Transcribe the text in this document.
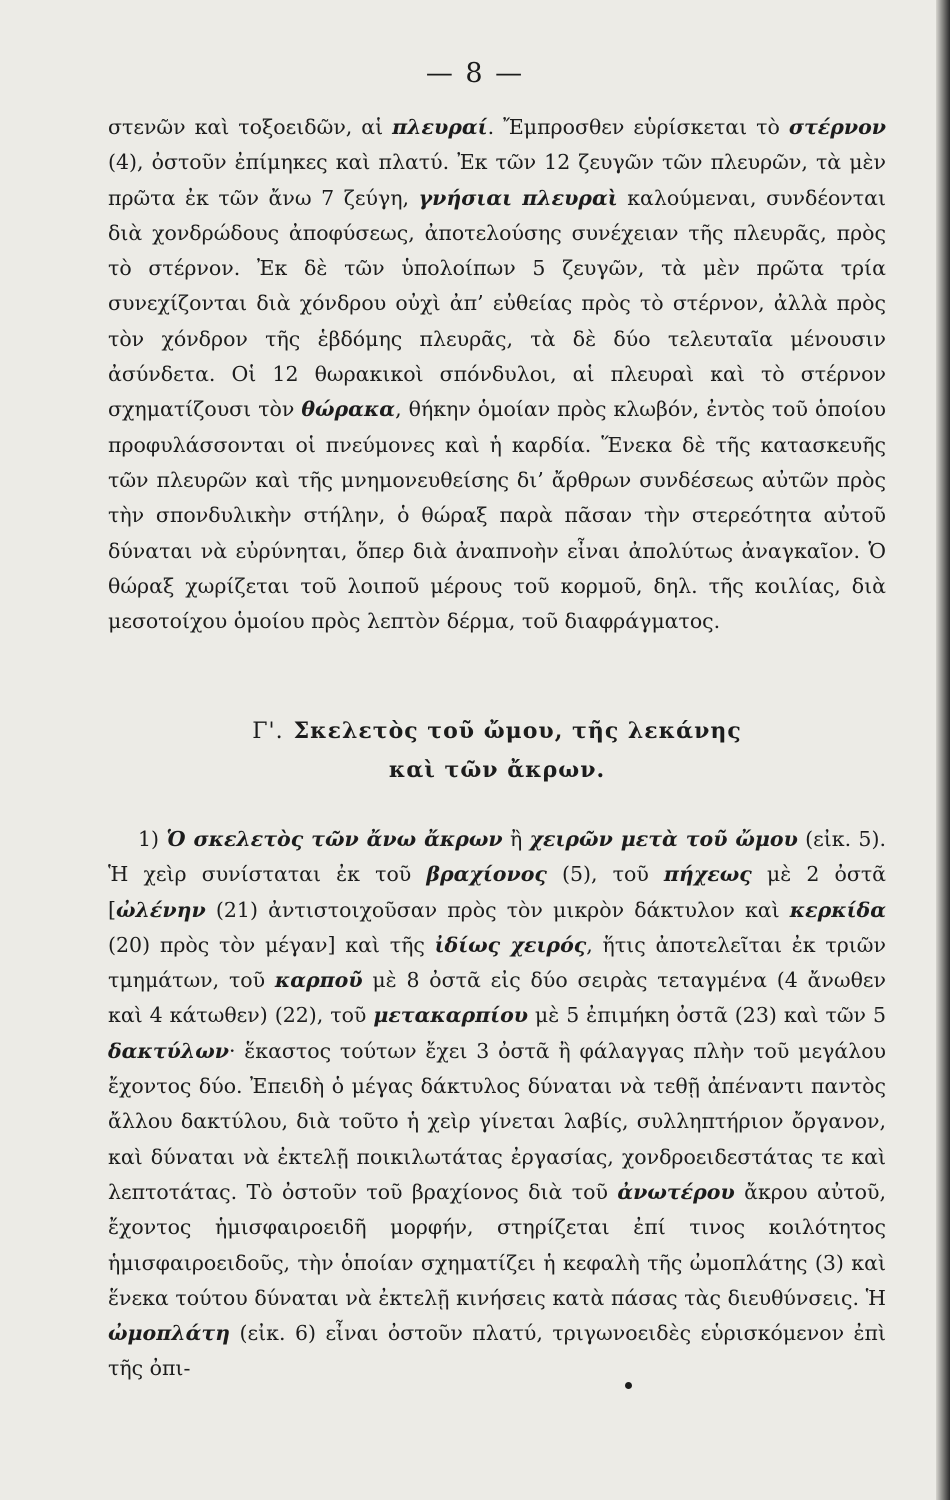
— 8 —

στενῶν καὶ τοξοειδῶν, αἱ πλευραί. Ἔμπροσθεν εὑρίσκεται τὸ στέρνον (4), ὀστοῦν ἐπίμηκες καὶ πλατύ. Ἐκ τῶν 12 ζευγῶν τῶν πλευρῶν, τὰ μὲν πρῶτα ἐκ τῶν ἄνω 7 ζεύγη, γνήσιαι πλευραὶ καλούμεναι, συνδέονται διὰ χονδρώδους ἀποφύσεως, ἀποτελούσης συνέχειαν τῆς πλευρᾶς, πρὸς τὸ στέρνον. Ἐκ δὲ τῶν ὑπολοίπων 5 ζευγῶν, τὰ μὲν πρῶτα τρία συνεχίζονται διὰ χόνδρου οὐχὶ ἀπ’ εὐθείας πρὸς τὸ στέρνον, ἀλλὰ πρὸς τὸν χόνδρον τῆς ἑβδόμης πλευρᾶς, τὰ δὲ δύο τελευταῖα μένουσιν ἀσύνδετα. Οἱ 12 θωρακικοὶ σπόνδυλοι, αἱ πλευραὶ καὶ τὸ στέρνον σχηματίζουσι τὸν θώρακα, θήκην ὁμοίαν πρὸς κλωβόν, ἐντὸς τοῦ ὁποίου προφυλάσσονται οἱ πνεύμονες καὶ ἡ καρδία. Ἕνεκα δὲ τῆς κατασκευῆς τῶν πλευρῶν καὶ τῆς μνημονευθείσης δι’ ἄρθρων συνδέσεως αὐτῶν πρὸς τὴν σπονδυλικὴν στήλην, ὁ θώραξ παρὰ πᾶσαν τὴν στερεότητα αὐτοῦ δύναται νὰ εὐρύνηται, ὅπερ διὰ ἀναπνοὴν εἶναι ἀπολύτως ἀναγκαῖον. Ὁ θώραξ χωρίζεται τοῦ λοιποῦ μέρους τοῦ κορμοῦ, δηλ. τῆς κοιλίας, διὰ μεσοτοίχου ὁμοίου πρὸς λεπτὸν δέρμα, τοῦ διαφράγματος.

Γ'. Σκελετὸς τοῦ ὤμου, τῆς λεκάνης
καὶ τῶν ἄκρων.

1) Ὁ σκελετὸς τῶν ἄνω ἄκρων ἢ χειρῶν μετὰ τοῦ ὤμου (εἰκ. 5). Ἡ χεὶρ συνίσταται ἐκ τοῦ βραχίονος (5), τοῦ πήχεως μὲ 2 ὀστᾶ [ὠλένην (21) ἀντιστοιχοῦσαν πρὸς τὸν μικρὸν δάκτυλον καὶ κερκίδα (20) πρὸς τὸν μέγαν] καὶ τῆς ἰδίως χειρός, ἥτις ἀποτελεῖται ἐκ τριῶν τμημάτων, τοῦ καρποῦ μὲ 8 ὀστᾶ εἰς δύο σειρὰς τεταγμένα (4 ἄνωθεν καὶ 4 κάτωθεν) (22), τοῦ μετακαρπίου μὲ 5 ἐπιμήκη ὀστᾶ (23) καὶ τῶν 5 δακτύλων· ἕκαστος τούτων ἔχει 3 ὀστᾶ ἢ φάλαγγας πλὴν τοῦ μεγάλου ἔχοντος δύο. Ἐπειδὴ ὁ μέγας δάκτυλος δύναται νὰ τεθῇ ἀπέναντι παντὸς ἄλλου δακτύλου, διὰ τοῦτο ἡ χεὶρ γίνεται λαβίς, συλληπτήριον ὄργανον, καὶ δύναται νὰ ἐκτελῇ ποικιλωτάτας ἐργασίας, χονδροειδεστάτας τε καὶ λεπτοτάτας. Τὸ ὀστοῦν τοῦ βραχίονος διὰ τοῦ ἀνωτέρου ἄκρου αὐτοῦ, ἔχοντος ἡμισφαιροειδῆ μορφήν, στηρίζεται ἐπί τινος κοιλότητος ἡμισφαιροειδοῦς, τὴν ὁποίαν σχηματίζει ἡ κεφαλὴ τῆς ὠμοπλάτης (3) καὶ ἕνεκα τούτου δύναται νὰ ἐκτελῇ κινήσεις κατὰ πάσας τὰς διευθύνσεις. Ἡ ὠμοπλάτη (εἰκ. 6) εἶναι ὀστοῦν πλατύ, τριγωνοειδὲς εὑρισκόμενον ἐπὶ τῆς ὀπι-
